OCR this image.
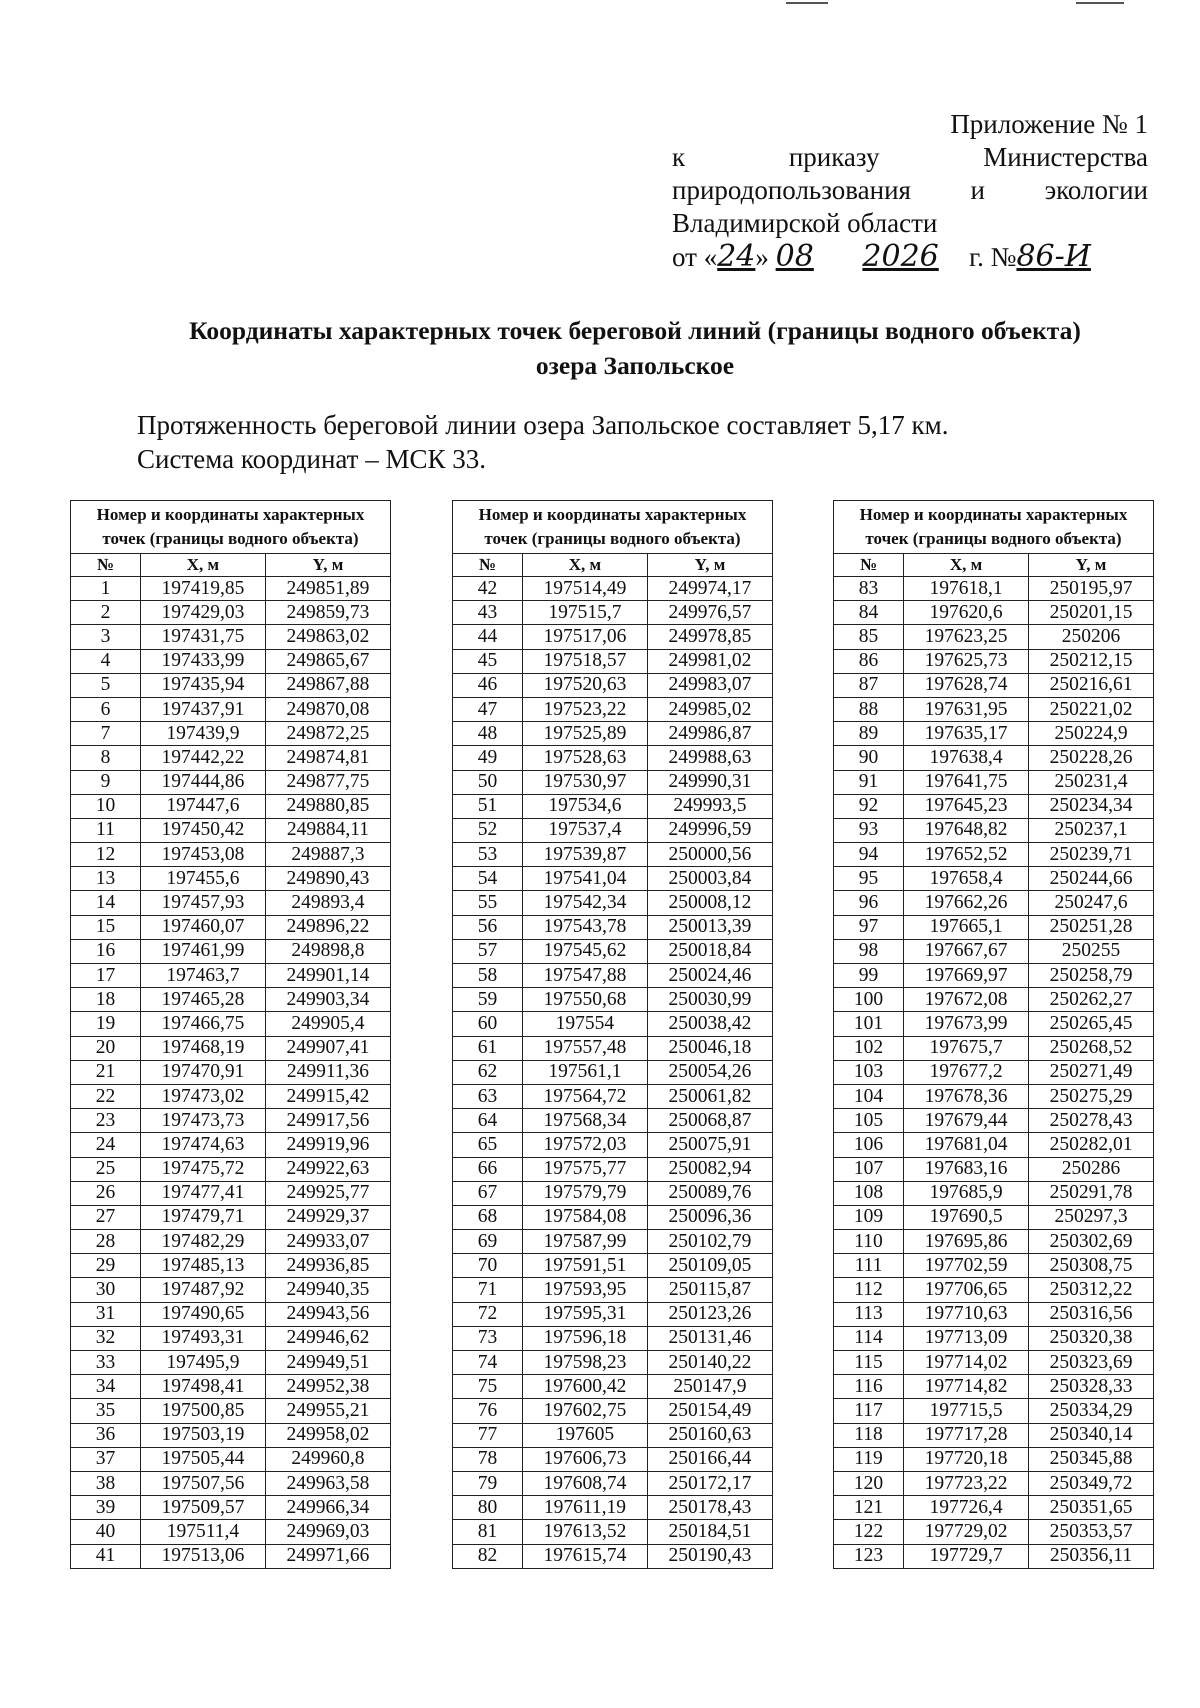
Приложение № 1
к	приказу	Министерства
природопользования и экологии
Владимирской области
от «24» 08 2026 г. №86-И
Координаты характерных точек береговой линий (границы водного объекта)
озера Запольское
Протяженность береговой линии озера Запольское составляет 5,17 км.
Система координат – МСК 33.
Номер и координаты характерных точек (границы водного объекта)		
№	X, м	Y, м
1	197419,85	249851,89
2	197429,03	249859,73
3	197431,75	249863,02
4	197433,99	249865,67
5	197435,94	249867,88
6	197437,91	249870,08
7	197439,9	249872,25
8	197442,22	249874,81
9	197444,86	249877,75
10	197447,6	249880,85
11	197450,42	249884,11
12	197453,08	249887,3
13	197455,6	249890,43
14	197457,93	249893,4
15	197460,07	249896,22
16	197461,99	249898,8
17	197463,7	249901,14
18	197465,28	249903,34
19	197466,75	249905,4
20	197468,19	249907,41
21	197470,91	249911,36
22	197473,02	249915,42
23	197473,73	249917,56
24	197474,63	249919,96
25	197475,72	249922,63
26	197477,41	249925,77
27	197479,71	249929,37
28	197482,29	249933,07
29	197485,13	249936,85
30	197487,92	249940,35
31	197490,65	249943,56
32	197493,31	249946,62
33	197495,9	249949,51
34	197498,41	249952,38
35	197500,85	249955,21
36	197503,19	249958,02
37	197505,44	249960,8
38	197507,56	249963,58
39	197509,57	249966,34
40	197511,4	249969,03
41	197513,06	249971,66
Номер и координаты характерных точек (границы водного объекта)		
№	X, м	Y, м
42	197514,49	249974,17
43	197515,7	249976,57
44	197517,06	249978,85
45	197518,57	249981,02
46	197520,63	249983,07
47	197523,22	249985,02
48	197525,89	249986,87
49	197528,63	249988,63
50	197530,97	249990,31
51	197534,6	249993,5
52	197537,4	249996,59
53	197539,87	250000,56
54	197541,04	250003,84
55	197542,34	250008,12
56	197543,78	250013,39
57	197545,62	250018,84
58	197547,88	250024,46
59	197550,68	250030,99
60	197554	250038,42
61	197557,48	250046,18
62	197561,1	250054,26
63	197564,72	250061,82
64	197568,34	250068,87
65	197572,03	250075,91
66	197575,77	250082,94
67	197579,79	250089,76
68	197584,08	250096,36
69	197587,99	250102,79
70	197591,51	250109,05
71	197593,95	250115,87
72	197595,31	250123,26
73	197596,18	250131,46
74	197598,23	250140,22
75	197600,42	250147,9
76	197602,75	250154,49
77	197605	250160,63
78	197606,73	250166,44
79	197608,74	250172,17
80	197611,19	250178,43
81	197613,52	250184,51
82	197615,74	250190,43
Номер и координаты характерных точек (границы водного объекта)		
№	X, м	Y, м
83	197618,1	250195,97
84	197620,6	250201,15
85	197623,25	250206
86	197625,73	250212,15
87	197628,74	250216,61
88	197631,95	250221,02
89	197635,17	250224,9
90	197638,4	250228,26
91	197641,75	250231,4
92	197645,23	250234,34
93	197648,82	250237,1
94	197652,52	250239,71
95	197658,4	250244,66
96	197662,26	250247,6
97	197665,1	250251,28
98	197667,67	250255
99	197669,97	250258,79
100	197672,08	250262,27
101	197673,99	250265,45
102	197675,7	250268,52
103	197677,2	250271,49
104	197678,36	250275,29
105	197679,44	250278,43
106	197681,04	250282,01
107	197683,16	250286
108	197685,9	250291,78
109	197690,5	250297,3
110	197695,86	250302,69
111	197702,59	250308,75
112	197706,65	250312,22
113	197710,63	250316,56
114	197713,09	250320,38
115	197714,02	250323,69
116	197714,82	250328,33
117	197715,5	250334,29
118	197717,28	250340,14
119	197720,18	250345,88
120	197723,22	250349,72
121	197726,4	250351,65
122	197729,02	250353,57
123	197729,7	250356,11
